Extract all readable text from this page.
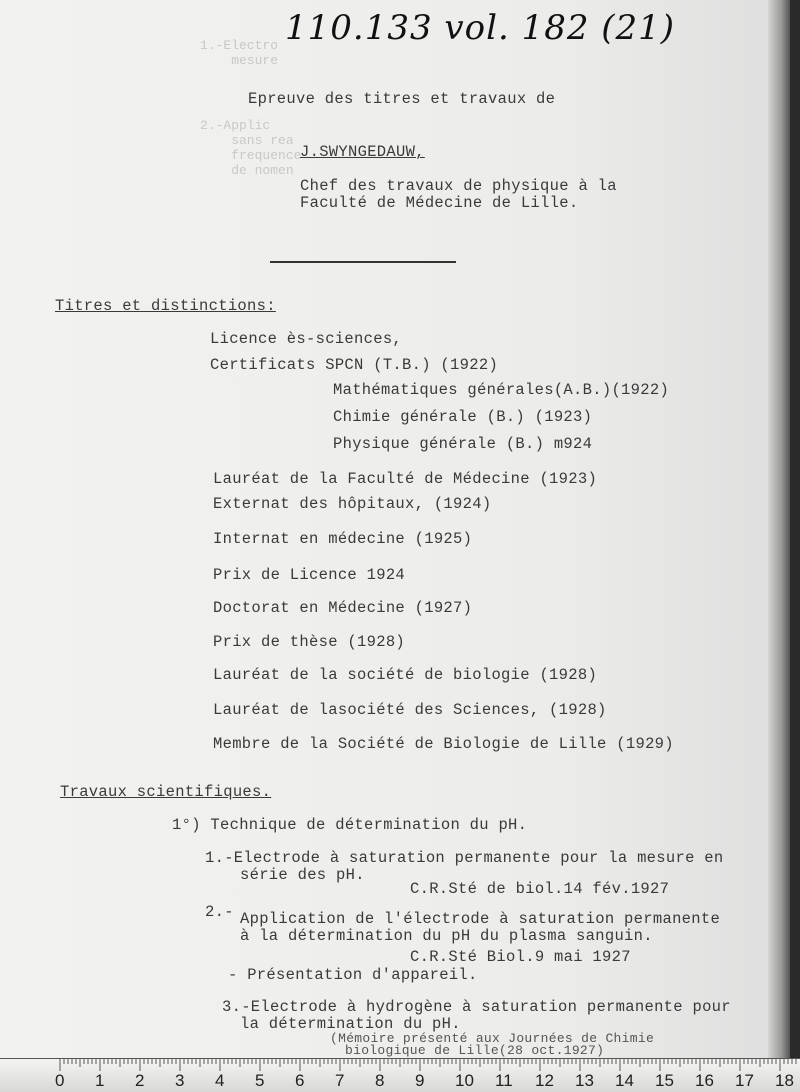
1.-Electro
mesure
2.-Applic
sans rea
frequence
de nomen
110.133 vol. 182 (21)
Epreuve des titres et travaux de
J.SWYNGEDAUW,
Chef des travaux de physique à la
Faculté de Médecine de Lille.
Titres et distinctions:
Licence ès-sciences,
Certificats SPCN (T.B.) (1922)
Mathématiques générales(A.B.)(1922)
Chimie générale (B.) (1923)
Physique générale (B.) m924
Lauréat de la Faculté de Médecine (1923)
Externat des hôpitaux, (1924)
Internat en médecine (1925)
Prix de Licence 1924
Doctorat en Médecine (1927)
Prix de thèse (1928)
Lauréat de la société de biologie (1928)
Lauréat de lasociété des Sciences, (1928)
Membre de la Société de Biologie de Lille (1929)
Travaux scientifiques.
1°) Technique de détermination du pH.
1.-Electrode à saturation permanente pour la mesure en
série des pH.
C.R.Sté de biol.14 fév.1927
2.- Application de l'électrode à saturation permanente
à la détermination du pH du plasma sanguin.
C.R.Sté Biol.9 mai 1927
- Présentation d'appareil.
3.-Electrode à hydrogène à saturation permanente pour
la détermination du pH.
(Mémoire présenté aux Journées de Chimie
biologique de Lille(28 oct.1927)
0 1 2 3 4 5 6 7 8 9 10 11 12 13 14 15 16 17 18
